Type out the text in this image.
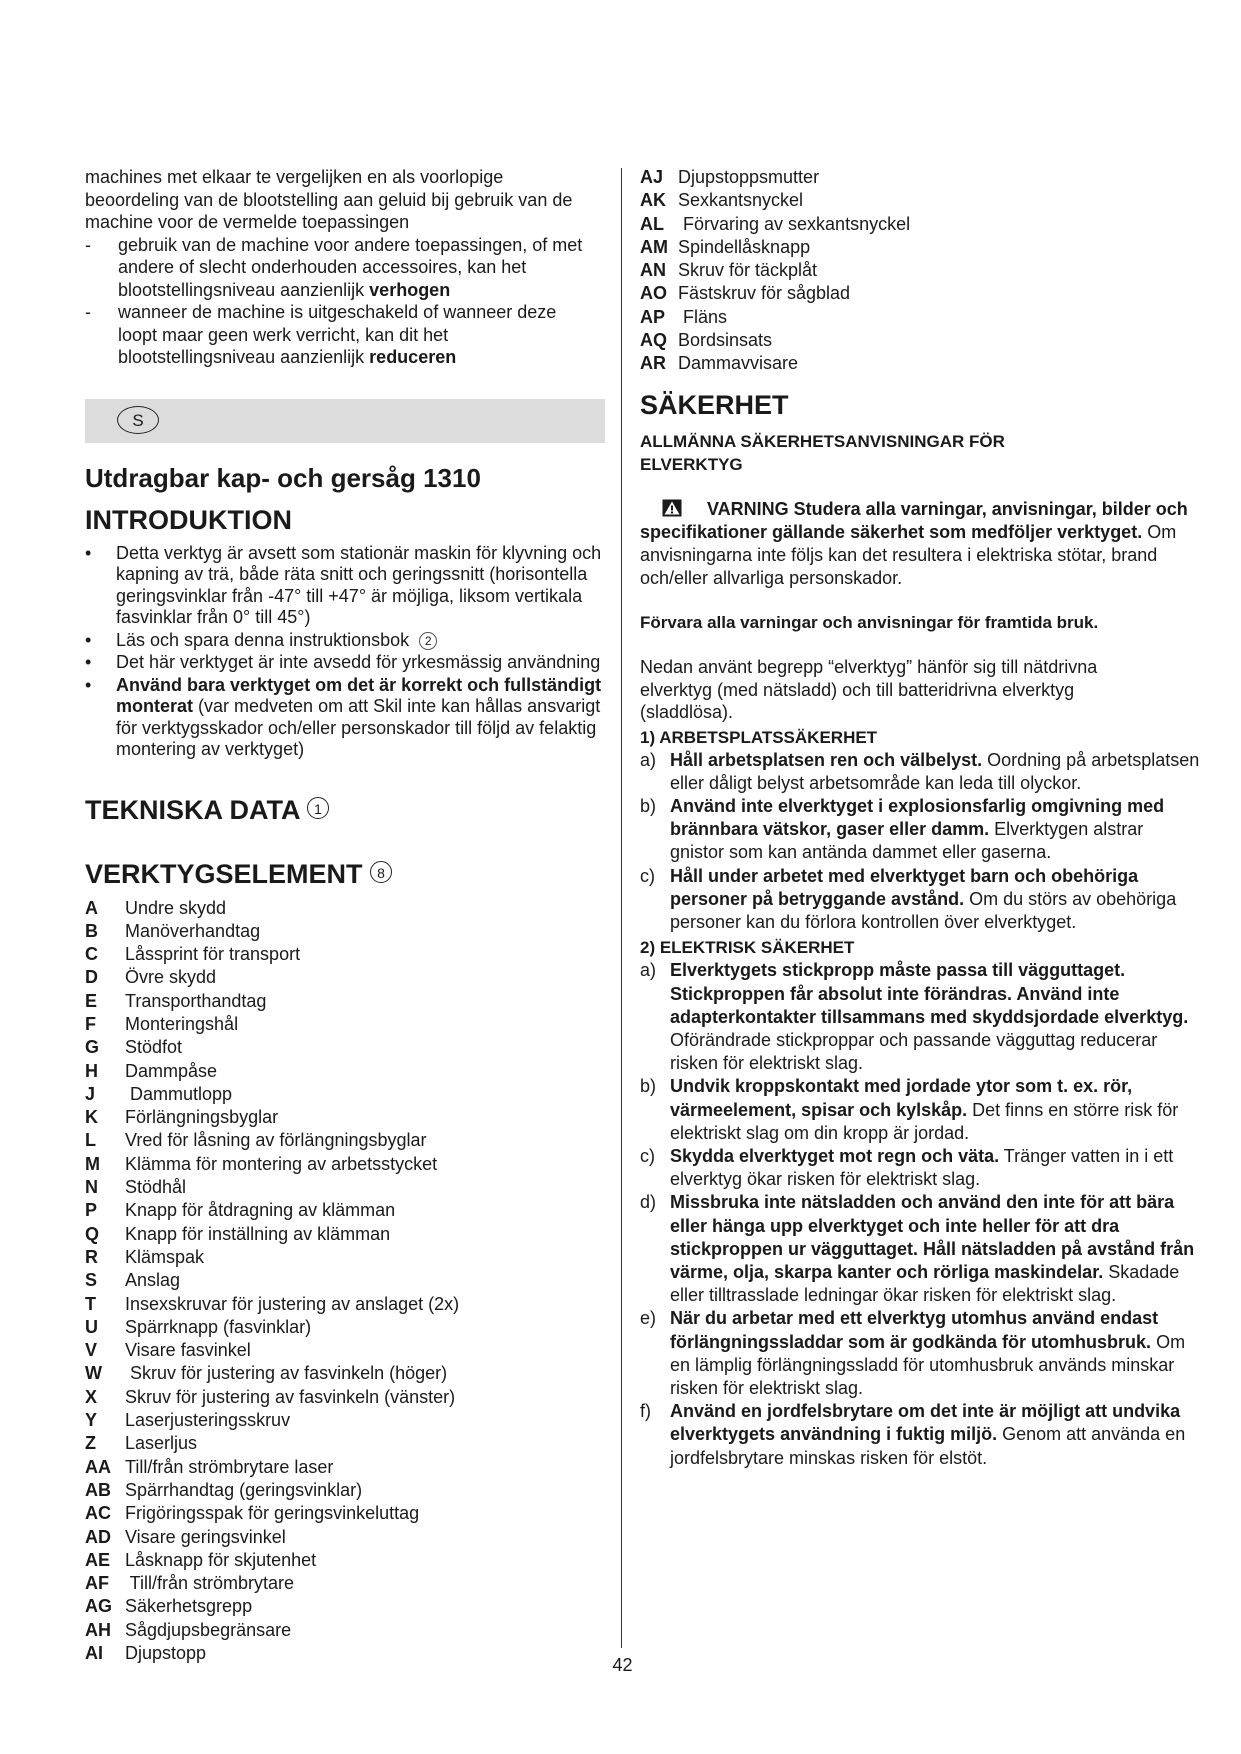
machines met elkaar te vergelijken en als voorlopige beoordeling van de blootstelling aan geluid bij gebruik van de machine voor de vermelde toepassingen

- gebruik van de machine voor andere toepassingen, of met andere of slecht onderhouden accessoires, kan het blootstellingsniveau aanzienlijk verhogen

- wanneer de machine is uitgeschakeld of wanneer deze loopt maar geen werk verricht, kan dit het blootstellingsniveau aanzienlijk reduceren

S
Utdragbar kap- och gersåg 1310
INTRODUKTION

• Detta verktyg är avsett som stationär maskin för klyvning och kapning av trä, både räta snitt och geringssnitt (horisontella geringsvinklar från -47° till +47° är möjliga, liksom vertikala fasvinklar från 0° till 45°)

• Läs och spara denna instruktionsbok 2

• Det här verktyget är inte avsedd för yrkesmässig användning

• Använd bara verktyget om det är korrekt och fullständigt monterat (var medveten om att Skil inte kan hållas ansvarigt för verktygsskador och/eller personskador till följd av felaktig montering av verktyget)

TEKNISKA DATA 1
VERKTYGSELEMENT 8
A	Undre skydd
B	Manöverhandtag
C	Låssprint för transport
D	Övre skydd
E	Transporthandtag
F	Monteringshål
G	Stödfot
H	Dammpåse
J	Dammutlopp
K	Förlängningsbyglar
L	Vred för låsning av förlängningsbyglar
M	Klämma för montering av arbetsstycket
N	Stödhål
P	Knapp för åtdragning av klämman
Q	Knapp för inställning av klämman
R	Klämspak
S	Anslag
T	Insexskruvar för justering av anslaget (2x)
U	Spärrknapp (fasvinklar)
V	Visare fasvinkel
W	Skruv för justering av fasvinkeln (höger)
X	Skruv för justering av fasvinkeln (vänster)
Y	Laserjusteringsskruv
Z	Laserljus
AA Till/från strömbrytare laser
AB Spärrhandtag (geringsvinklar)
AC Frigöringsspak för geringsvinkeluttag
AD Visare geringsvinkel
AE Låsknapp för skjutenhet
AF Till/från strömbrytare
AG Säkerhetsgrepp
AH Sågdjupsbegränsare
AI	Djupstopp
AJ Djupstoppsmutter
AK Sexkantsnyckel
AL Förvaring av sexkantsnyckel
AM Spindellåsknapp
AN Skruv för täckplåt
AO Fästskruv för sågblad
AP Fläns
AQ Bordsinsats
AR Dammavvisare
SÄKERHET

ALLMÄNNA SÄKERHETSANVISNINGAR FÖR ELVERKTYG

VARNING Studera alla varningar, anvisningar, bilder och specifikationer gällande säkerhet som medföljer verktyget. Om anvisningarna inte följs kan det resultera i elektriska stötar, brand och/eller allvarliga personskador.

Förvara alla varningar och anvisningar för framtida bruk.

Nedan använt begrepp “elverktyg” hänför sig till nätdrivna elverktyg (med nätsladd) och till batteridrivna elverktyg (sladdlösa).

1) ARBETSPLATSSÄKERHET

a) Håll arbetsplatsen ren och välbelyst. Oordning på arbetsplatsen eller dåligt belyst arbetsområde kan leda till olyckor.

b) Använd inte elverktyget i explosionsfarlig omgivning med brännbara vätskor, gaser eller damm. Elverktygen alstrar gnistor som kan antända dammet eller gaserna.

c) Håll under arbetet med elverktyget barn och obehöriga personer på betryggande avstånd. Om du störs av obehöriga personer kan du förlora kontrollen över elverktyget.

2) ELEKTRISK SÄKERHET

a) Elverktygets stickpropp måste passa till vägguttaget. Stickproppen får absolut inte förändras. Använd inte adapterkontakter tillsammans med skyddsjordade elverktyg. Oförändrade stickproppar och passande vägguttag reducerar risken för elektriskt slag.

b) Undvik kroppskontakt med jordade ytor som t. ex. rör, värmeelement, spisar och kylskåp. Det finns en större risk för elektriskt slag om din kropp är jordad.

c) Skydda elverktyget mot regn och väta. Tränger vatten in i ett elverktyg ökar risken för elektriskt slag.

d) Missbruka inte nätsladden och använd den inte för att bära eller hänga upp elverktyget och inte heller för att dra stickproppen ur vägguttaget. Håll nätsladden på avstånd från värme, olja, skarpa kanter och rörliga maskindelar. Skadade eller tilltrasslade ledningar ökar risken för elektriskt slag.

e) När du arbetar med ett elverktyg utomhus använd endast förlängningssladdar som är godkända för utomhusbruk. Om en lämplig förlängningssladd för utomhusbruk används minskar risken för elektriskt slag.

f) Använd en jordfelsbrytare om det inte är möjligt att undvika elverktygets användning i fuktig miljö. Genom att använda en jordfelsbrytare minskas risken för elstöt.

42
